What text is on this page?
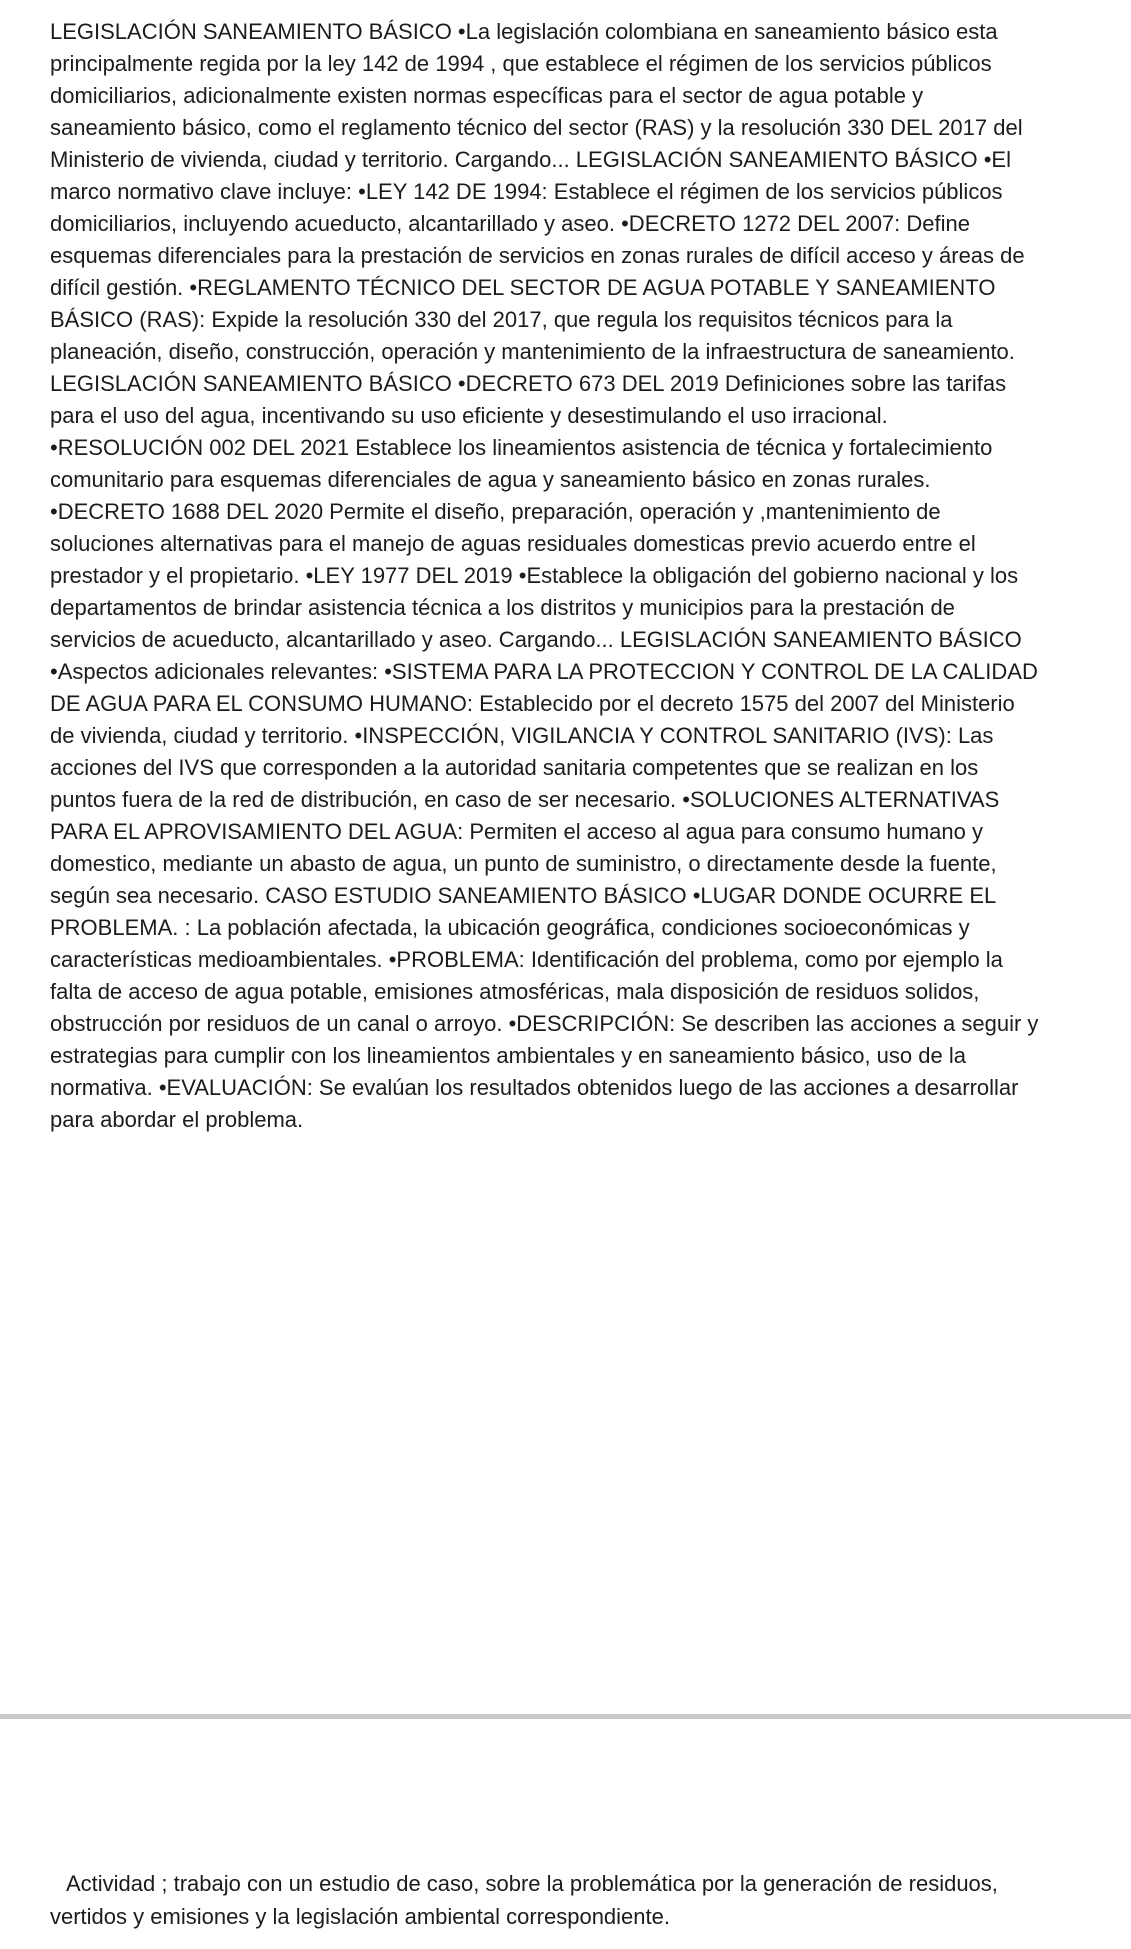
LEGISLACIÓN SANEAMIENTO BÁSICO •La legislación colombiana en saneamiento básico esta principalmente regida por la ley 142 de 1994 , que establece el régimen de los servicios públicos domiciliarios, adicionalmente existen normas específicas para el sector de agua potable y saneamiento básico, como el reglamento técnico del sector (RAS) y la resolución 330 DEL 2017 del Ministerio de vivienda, ciudad y territorio. Cargando... LEGISLACIÓN SANEAMIENTO BÁSICO •El marco normativo clave incluye: •LEY 142 DE 1994: Establece el régimen de los servicios públicos domiciliarios, incluyendo acueducto, alcantarillado y aseo. •DECRETO 1272 DEL 2007: Define esquemas diferenciales para la prestación de servicios en zonas rurales de difícil acceso y áreas de difícil gestión. •REGLAMENTO TÉCNICO DEL SECTOR DE AGUA POTABLE Y SANEAMIENTO BÁSICO (RAS): Expide la resolución 330 del 2017, que regula los requisitos técnicos para la planeación, diseño, construcción, operación y mantenimiento de la infraestructura de saneamiento. LEGISLACIÓN SANEAMIENTO BÁSICO •DECRETO 673 DEL 2019 Definiciones sobre las tarifas para el uso del agua, incentivando su uso eficiente y desestimulando el uso irracional. •RESOLUCIÓN 002 DEL 2021 Establece los lineamientos asistencia de técnica y fortalecimiento comunitario para esquemas diferenciales de agua y saneamiento básico en zonas rurales. •DECRETO 1688 DEL 2020 Permite el diseño, preparación, operación y ,mantenimiento de soluciones alternativas para el manejo de aguas residuales domesticas previo acuerdo entre el prestador y el propietario. •LEY 1977 DEL 2019 •Establece la obligación del gobierno nacional y los departamentos de brindar asistencia técnica a los distritos y municipios para la prestación de servicios de acueducto, alcantarillado y aseo. Cargando... LEGISLACIÓN SANEAMIENTO BÁSICO •Aspectos adicionales relevantes: •SISTEMA PARA LA PROTECCION Y CONTROL DE LA CALIDAD DE AGUA PARA EL CONSUMO HUMANO: Establecido por el decreto 1575 del 2007 del Ministerio de vivienda, ciudad y territorio. •INSPECCIÓN, VIGILANCIA Y CONTROL SANITARIO (IVS): Las acciones del IVS que corresponden a la autoridad sanitaria competentes que se realizan en los puntos fuera de la red de distribución, en caso de ser necesario. •SOLUCIONES ALTERNATIVAS PARA EL APROVISAMIENTO DEL AGUA: Permiten el acceso al agua para consumo humano y domestico, mediante un abasto de agua, un punto de suministro, o directamente desde la fuente, según sea necesario. CASO ESTUDIO SANEAMIENTO BÁSICO •LUGAR DONDE OCURRE EL PROBLEMA. : La población afectada, la ubicación geográfica, condiciones socioeconómicas y características medioambientales. •PROBLEMA: Identificación del problema, como por ejemplo la falta de acceso de agua potable, emisiones atmosféricas, mala disposición de residuos solidos, obstrucción por residuos de un canal o arroyo. •DESCRIPCIÓN: Se describen las acciones a seguir y estrategias para cumplir con los lineamientos ambientales y en saneamiento básico, uso de la normativa. •EVALUACIÓN: Se evalúan los resultados obtenidos luego de las acciones a desarrollar para abordar el problema.

Actividad ; trabajo con un estudio de caso, sobre la problemática por la generación de residuos, vertidos y emisiones y la legislación ambiental correspondiente.
